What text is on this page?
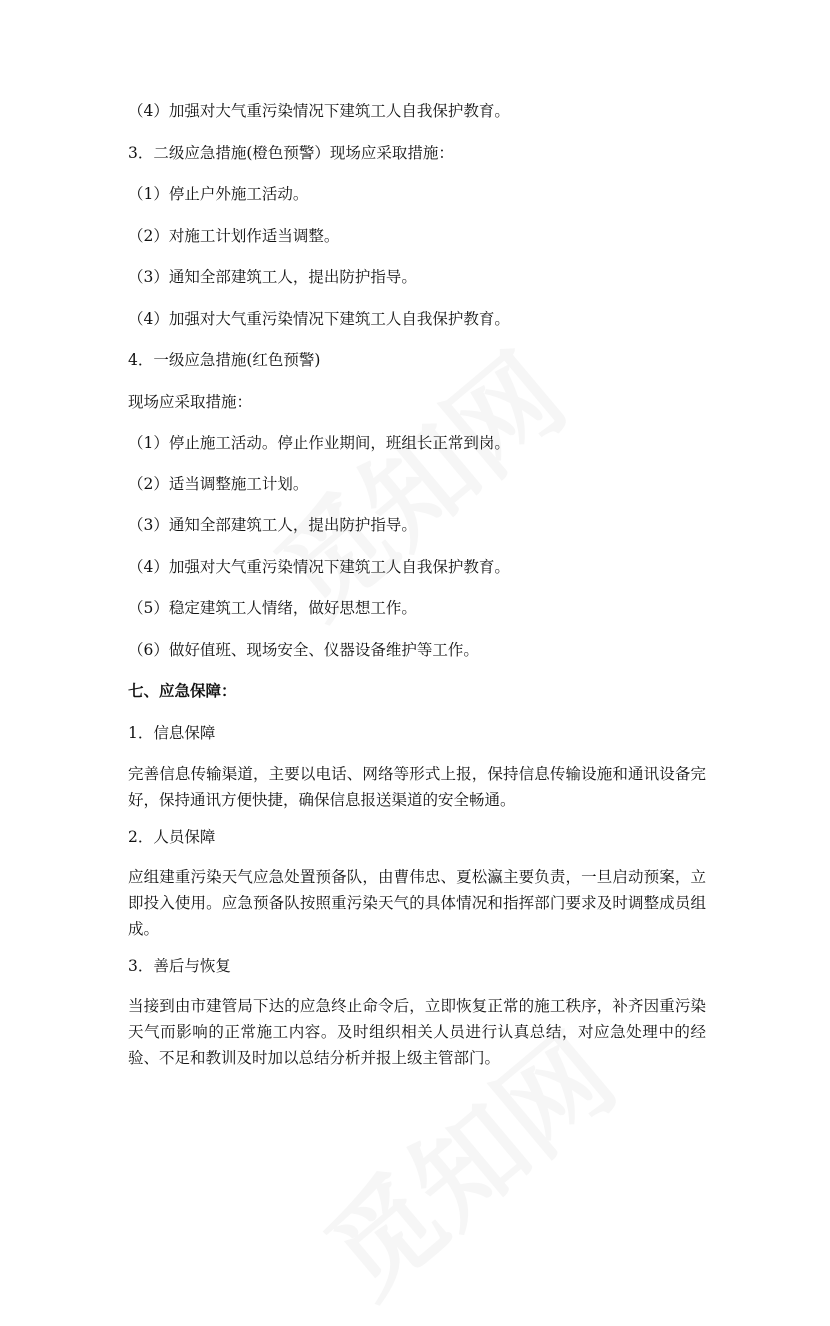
（4）加强对大气重污染情况下建筑工人自我保护教育。
3．二级应急措施(橙色预警）现场应采取措施：
（1）停止户外施工活动。
（2）对施工计划作适当调整。
（3）通知全部建筑工人，提出防护指导。
（4）加强对大气重污染情况下建筑工人自我保护教育。
4．一级应急措施(红色预警)
现场应采取措施：
（1）停止施工活动。停止作业期间，班组长正常到岗。
（2）适当调整施工计划。
（3）通知全部建筑工人，提出防护指导。
（4）加强对大气重污染情况下建筑工人自我保护教育。
（5）稳定建筑工人情绪，做好思想工作。
（6）做好值班、现场安全、仪器设备维护等工作。
七、应急保障：
1．信息保障
完善信息传输渠道，主要以电话、网络等形式上报，保持信息传输设施和通讯设备完好，保持通讯方便快捷，确保信息报送渠道的安全畅通。
2．人员保障
应组建重污染天气应急处置预备队，由曹伟忠、夏松瀛主要负责，一旦启动预案，立即投入使用。应急预备队按照重污染天气的具体情况和指挥部门要求及时调整成员组成。
3．善后与恢复
当接到由市建管局下达的应急终止命令后，立即恢复正常的施工秩序，补齐因重污染天气而影响的正常施工内容。及时组织相关人员进行认真总结，对应急处理中的经验、不足和教训及时加以总结分析并报上级主管部门。
